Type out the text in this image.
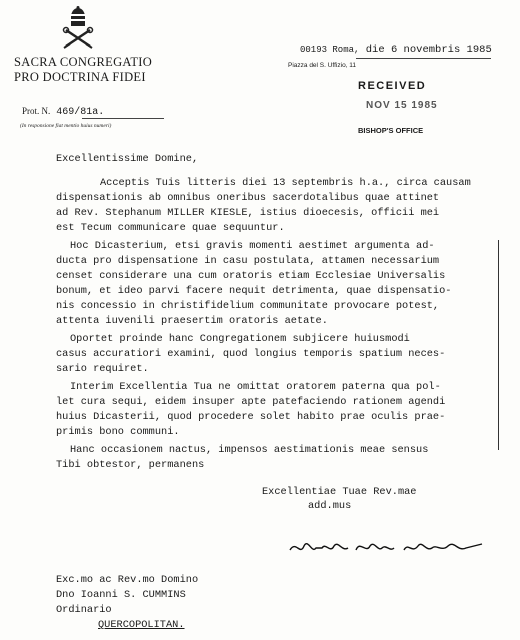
SACRA CONGREGATIO
PRO DOCTRINA FIDEI
00193 Roma, die 6 novembris 1985
Piazza del S. Uffizio, 11
RECEIVED
NOV 15 1985
BISHOP'S OFFICE
Prot. N. 469/81a.
(In responsione fiat mentio huius numeri)
Excellentissime Domine,
Acceptis Tuis litteris diei 13 septembris h.a., circa causam
dispensationis ab omnibus oneribus sacerdotalibus quae attinet
ad Rev. Stephanum MILLER KIESLE, istius dioecesis, officii mei
est Tecum communicare quae sequuntur.
Hoc Dicasterium, etsi gravis momenti aestimet argumenta ad-
ducta pro dispensatione in casu postulata, attamen necessarium
censet considerare una cum oratoris etiam Ecclesiae Universalis
bonum, et ideo parvi facere nequit detrimenta, quae dispensatio-
nis concessio in christifidelium communitate provocare potest,
attenta iuvenili praesertim oratoris aetate.
Oportet proinde hanc Congregationem subjicere huiusmodi
casus accuratiori examini, quod longius temporis spatium neces-
sario requiret.
Interim Excellentia Tua ne omittat oratorem paterna qua pol-
let cura sequi, eidem insuper apte patefaciendo rationem agendi
huius Dicasterii, quod procedere solet habito prae oculis prae-
primis bono communi.
Hanc occasionem nactus, impensos aestimationis meae sensus
Tibi obtestor, permanens
Excellentiae Tuae Rev.mae
add.mus
Exc.mo ac Rev.mo Domino
Dno Ioanni S. CUMMINS
Ordinario
QUERCOPOLITAN.
